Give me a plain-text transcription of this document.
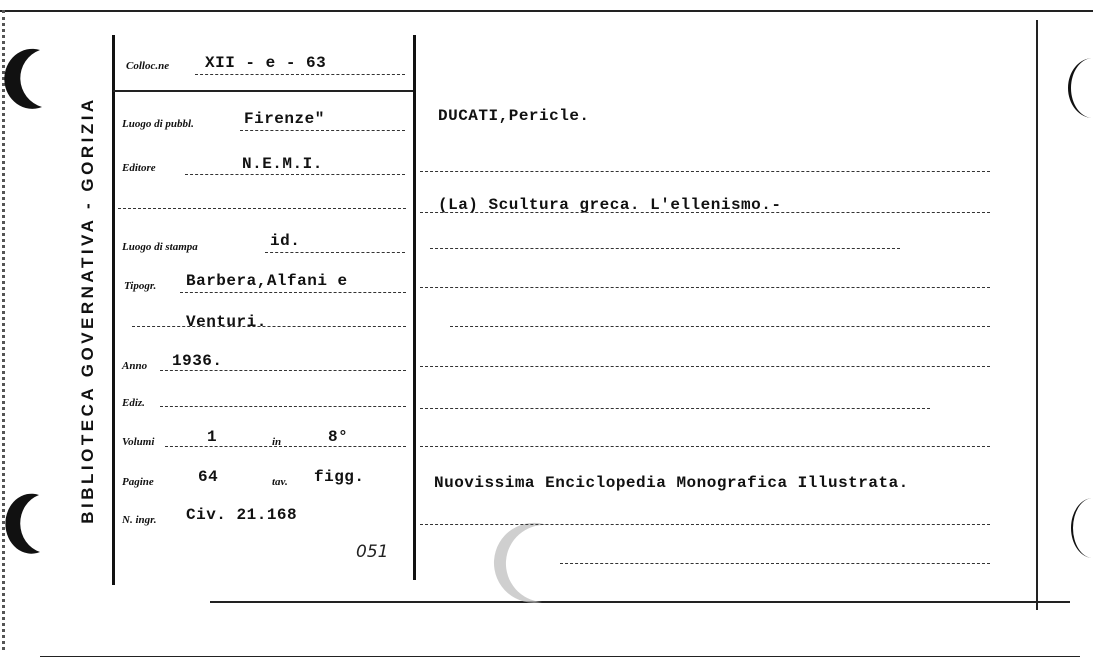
BIBLIOTECA GOVERNATIVA - GORIZIA
Colloc.ne XII - e - 63
Luogo di pubbl.	Firenze"
Editore	N.E.M.I.
Luogo di stampa	id.
Tipogr. Barbera,Alfani e
Venturi.
Anno 1936.
Ediz.
Volumi	1	in	8°
Pagine	64	tav. figg.
N. ingr. Civ. 21.168
051
DUCATI,Pericle.
(La) Scultura greca. L'ellenismo.-
Nuovissima Enciclopedia Monografica Illustrata.
